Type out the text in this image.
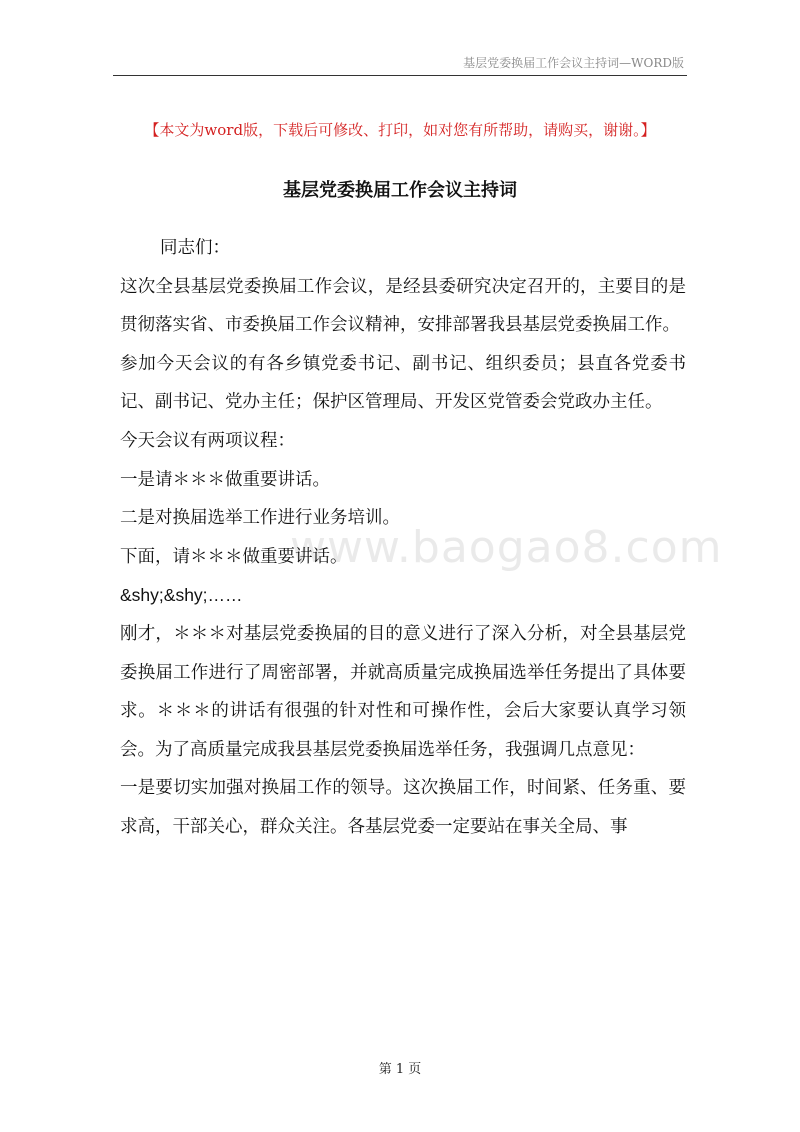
基层党委换届工作会议主持词—WORD版
【本文为word版，下载后可修改、打印，如对您有所帮助，请购买，谢谢。】
基层党委换届工作会议主持词
www.baogao8.com

同志们：

这次全县基层党委换届工作会议，是经县委研究决定召开的，主要目的是贯彻落实省、市委换届工作会议精神，安排部署我县基层党委换届工作。

参加今天会议的有各乡镇党委书记、副书记、组织委员；县直各党委书记、副书记、党办主任；保护区管理局、开发区党管委会党政办主任。

今天会议有两项议程：

一是请＊＊＊做重要讲话。

二是对换届选举工作进行业务培训。

下面，请＊＊＊做重要讲话。

&shy;&shy;……

刚才，＊＊＊对基层党委换届的目的意义进行了深入分析，对全县基层党委换届工作进行了周密部署，并就高质量完成换届选举任务提出了具体要求。＊＊＊的讲话有很强的针对性和可操作性，会后大家要认真学习领会。为了高质量完成我县基层党委换届选举任务，我强调几点意见：

一是要切实加强对换届工作的领导。这次换届工作，时间紧、任务重、要求高，干部关心，群众关注。各基层党委一定要站在事关全局、事

第 1 页
